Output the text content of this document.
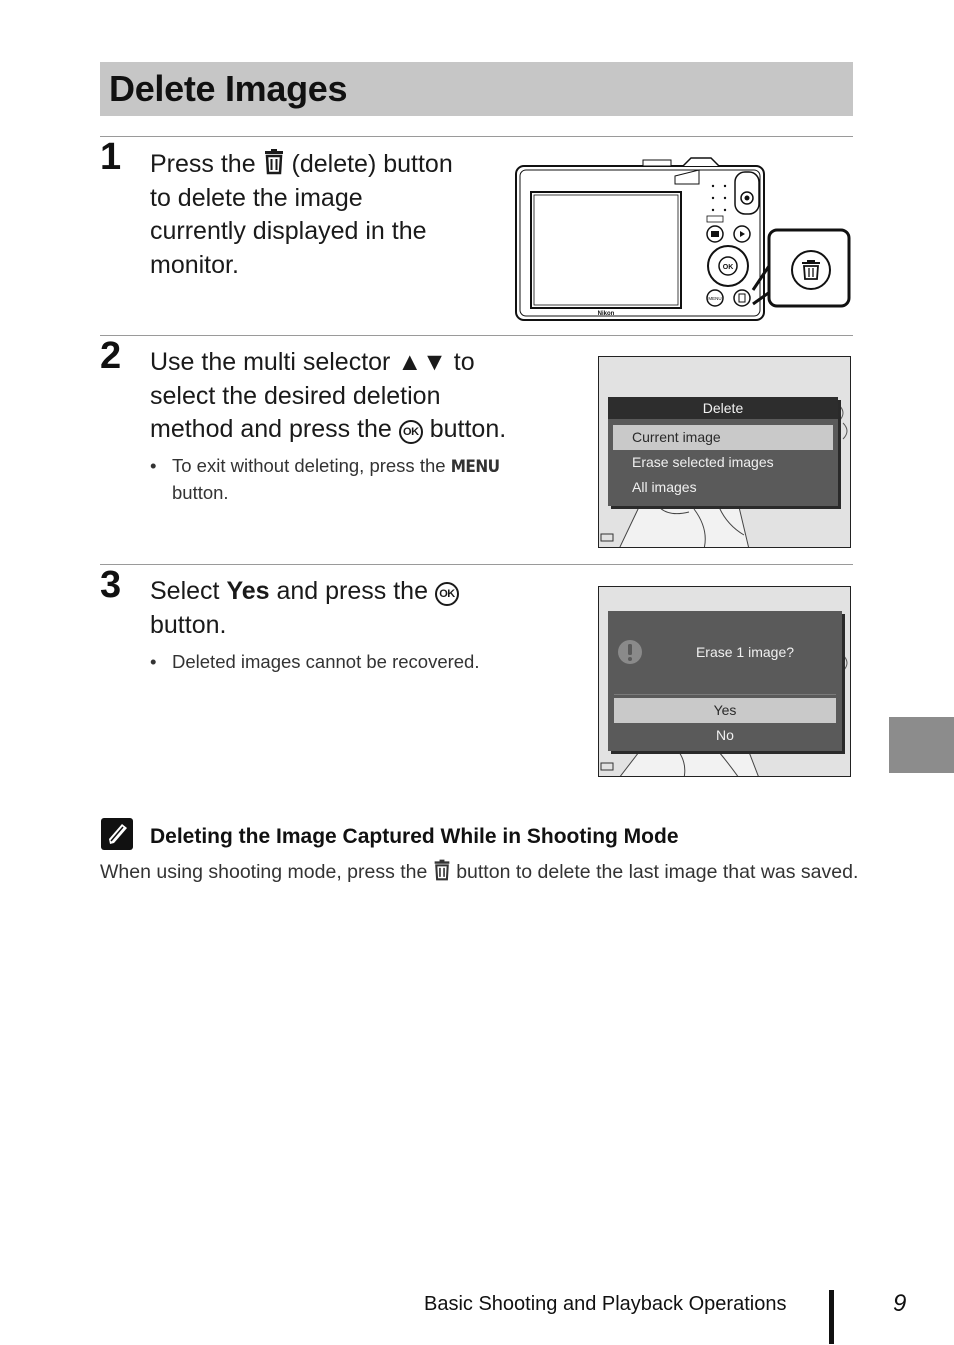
Delete Images
1 Press the (delete) button
to delete the image
currently displayed in the
monitor.
Nikon
OK
MENU
2 Use the multi selector ▲▼ to
select the desired deletion
method and press the OK button.
• To exit without deleting, press the MENU
button.
Delete
Current image
Erase selected images
All images
3 Select Yes and press the OK
button.
• Deleted images cannot be recovered.	Erase 1 image?
Yes
No
Deleting the Image Captured While in Shooting Mode
When using shooting mode, press the button to delete the last image that was saved.
Basic Shooting and Playback Operations	9
